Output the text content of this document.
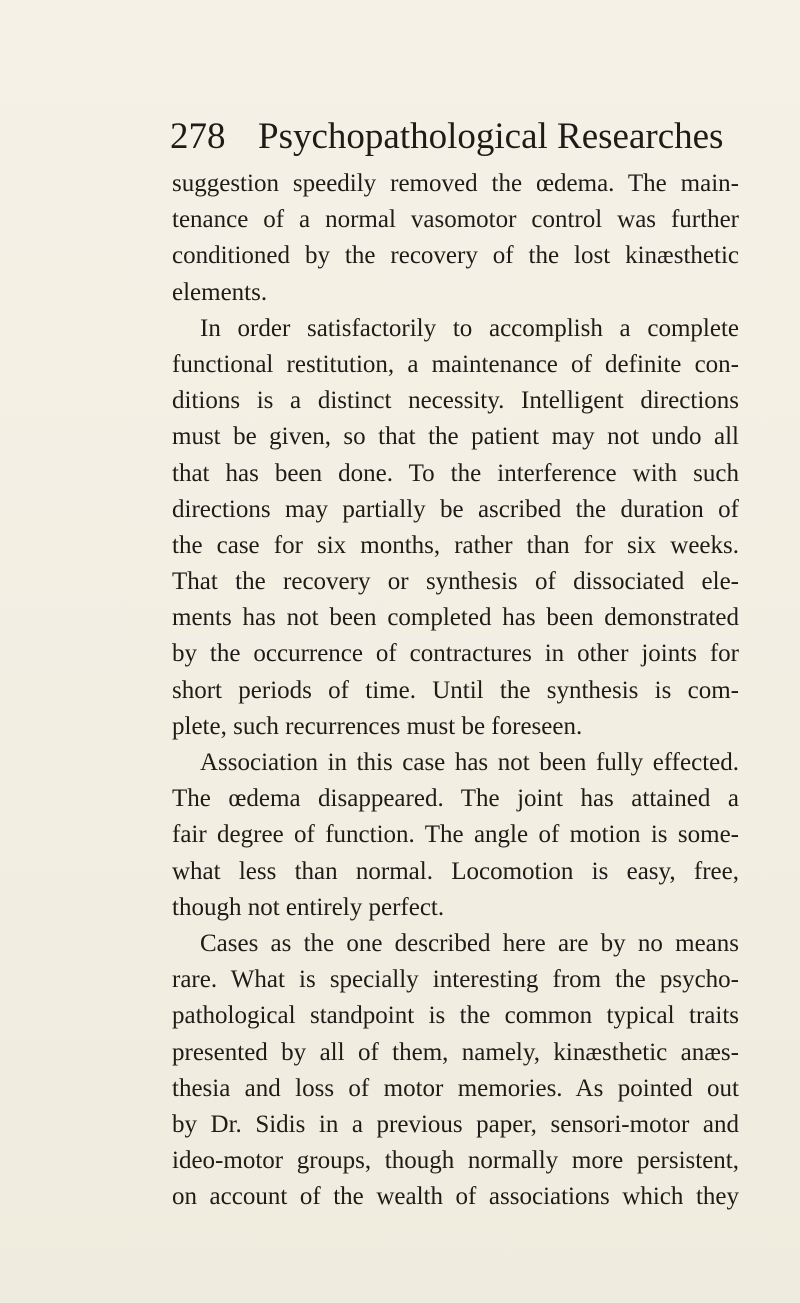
278 Psychopathological Researches
suggestion speedily removed the œdema. The main-
tenance of a normal vasomotor control was further
conditioned by the recovery of the lost kinæsthetic
elements.
In order satisfactorily to accomplish a complete
functional restitution, a maintenance of definite con-
ditions is a distinct necessity. Intelligent directions
must be given, so that the patient may not undo all
that has been done. To the interference with such
directions may partially be ascribed the duration of
the case for six months, rather than for six weeks.
That the recovery or synthesis of dissociated ele-
ments has not been completed has been demonstrated
by the occurrence of contractures in other joints for
short periods of time. Until the synthesis is com-
plete, such recurrences must be foreseen.
Association in this case has not been fully effected.
The œdema disappeared. The joint has attained a
fair degree of function. The angle of motion is some-
what less than normal. Locomotion is easy, free,
though not entirely perfect.
Cases as the one described here are by no means
rare. What is specially interesting from the psycho-
pathological standpoint is the common typical traits
presented by all of them, namely, kinæsthetic anæs-
thesia and loss of motor memories. As pointed out
by Dr. Sidis in a previous paper, sensori-motor and
ideo-motor groups, though normally more persistent,
on account of the wealth of associations which they
